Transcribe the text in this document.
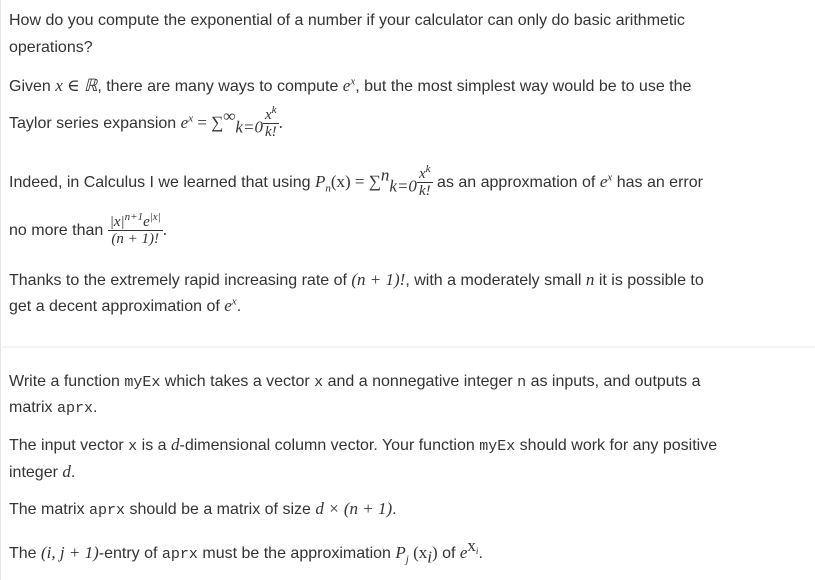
How do you compute the exponential of a number if your calculator can only do basic arithmetic
operations?
Given x ∈ ℝ, there are many ways to compute $e^x$, but the most simplest way would be to use the
Taylor series expansion $e^x = \sum^\infty_{k=0} \frac{x^k}{k!}$ .
Indeed, in Calculus I we learned that using $P_n(x) = \sum^n_{k=0} \frac{x^k}{k!}$ as an approxmation of $e^x$ has an error
no more than $\frac{|x|^{n+1}e^{|x|}}{(n + 1)!}$ .
Thanks to the extremely rapid increasing rate of (n + 1)!, with a moderately small n it is possible to
get a decent approximation of $e^x$.
Write a function myEx which takes a vector x and a nonnegative integer n as inputs, and outputs a
matrix aprx.
The input vector x is a d-dimensional column vector. Your function myEx should work for any positive
integer d.
The matrix aprx should be a matrix of size d × (n + 1).
The (i, j + 1)-entry of aprx must be the approximation $P_j$ $(x_i)$ of $e^{x_i}$.
